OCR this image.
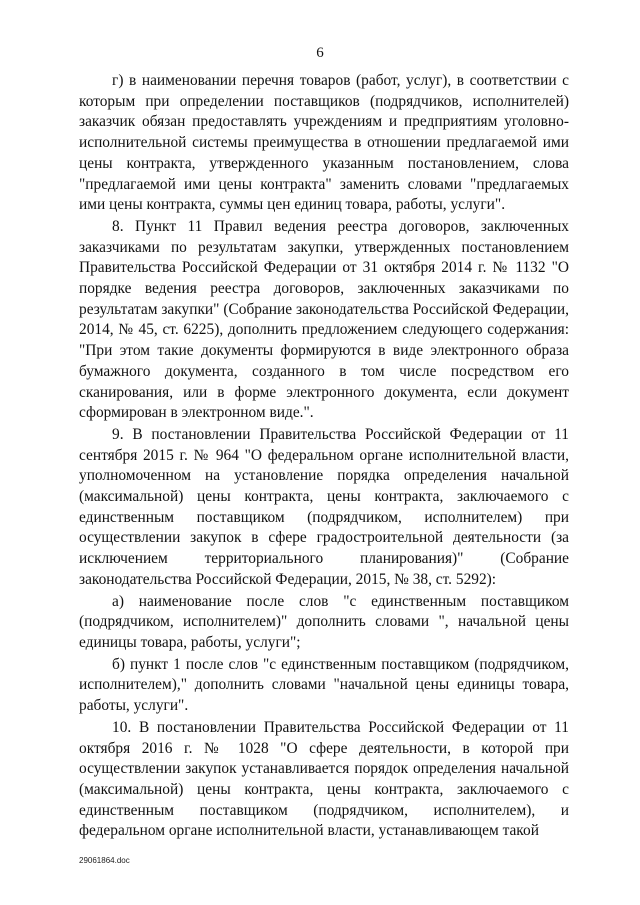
6

г) в наименовании перечня товаров (работ, услуг), в соответствии с которым при определении поставщиков (подрядчиков, исполнителей) заказчик обязан предоставлять учреждениям и предприятиям уголовно-исполнительной системы преимущества в отношении предлагаемой ими цены контракта, утвержденного указанным постановлением, слова "предлагаемой ими цены контракта" заменить словами "предлагаемых ими цены контракта, суммы цен единиц товара, работы, услуги".

8. Пункт 11 Правил ведения реестра договоров, заключенных заказчиками по результатам закупки, утвержденных постановлением Правительства Российской Федерации от 31 октября 2014 г. № 1132 "О порядке ведения реестра договоров, заключенных заказчиками по результатам закупки" (Собрание законодательства Российской Федерации, 2014, № 45, ст. 6225), дополнить предложением следующего содержания: "При этом такие документы формируются в виде электронного образа бумажного документа, созданного в том числе посредством его сканирования, или в форме электронного документа, если документ сформирован в электронном виде.".

9. В постановлении Правительства Российской Федерации от 11 сентября 2015 г. № 964 "О федеральном органе исполнительной власти, уполномоченном на установление порядка определения начальной (максимальной) цены контракта, цены контракта, заключаемого с единственным поставщиком (подрядчиком, исполнителем) при осуществлении закупок в сфере градостроительной деятельности (за исключением территориального планирования)" (Собрание законодательства Российской Федерации, 2015, № 38, ст. 5292):

а) наименование после слов "с единственным поставщиком (подрядчиком, исполнителем)" дополнить словами ", начальной цены единицы товара, работы, услуги";

б) пункт 1 после слов "с единственным поставщиком (подрядчиком, исполнителем)," дополнить словами "начальной цены единицы товара, работы, услуги".

10. В постановлении Правительства Российской Федерации от 11 октября 2016 г. № 1028 "О сфере деятельности, в которой при осуществлении закупок устанавливается порядок определения начальной (максимальной) цены контракта, цены контракта, заключаемого с единственным поставщиком (подрядчиком, исполнителем), и федеральном органе исполнительной власти, устанавливающем такой

29061864.doc
